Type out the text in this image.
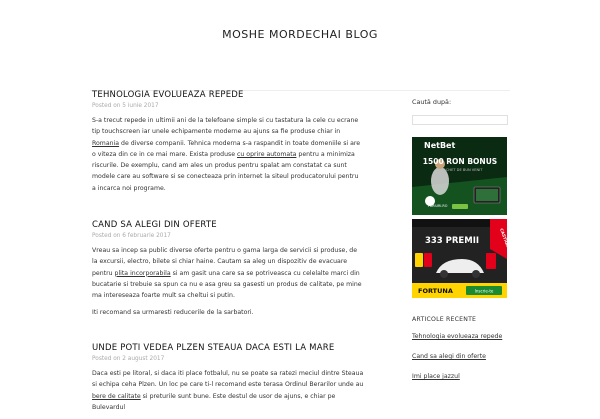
MOSHE MORDECHAI BLOG
TEHNOLOGIA EVOLUEAZA REPEDE
Posted on 5 iunie 2017

S-a trecut repede in ultimii ani de la telefoane simple si cu tastatura la cele cu ecrane tip touchscreen iar unele echipamente moderne au ajuns sa fie produse chiar in Romania de diverse companii. Tehnica moderna s-a raspandit in toate domeniile si are o viteza din ce in ce mai mare. Exista produse cu oprire automata pentru a minimiza riscurile. De exemplu, cand am ales un produs pentru spalat am constatat ca sunt modele care au software si se conecteaza prin internet la siteul producatorului pentru a incarca noi programe.

CAND SA ALEGI DIN OFERTE
Posted on 6 februarie 2017

Vreau sa incep sa public diverse oferte pentru o gama larga de servicii si produse, de la excursii, electro, bilete si chiar haine. Cautam sa aleg un dispozitiv de evacuare pentru plita incorporabila si am gasit una care sa se potriveasca cu celelalte marci din bucatarie si trebuie sa spun ca nu e asa greu sa gasesti un produs de calitate, pe mine ma intereseaza foarte mult sa cheltui si putin.

Iti recomand sa urmaresti reducerile de la sarbatori.

UNDE POTI VEDEA PLZEN STEAUA DACA ESTI LA MARE
Posted on 2 august 2017

Daca esti pe litoral, si daca iti place fotbalul, nu se poate sa ratezi meciul dintre Steaua si echipa ceha Plzen. Un loc pe care ti-l recomand este terasa Ordinul Berarilor unde au bere de calitate si preturile sunt bune. Este destul de usor de ajuns, e chiar pe Bulevardul

Caută după:
NetBet
1500 RON BONUS
PACHET DE BUN VENIT
PARIURI.RO
CASTIGA
333 PREMII
FORTUNA	Inscrie-te
ARTICOLE RECENTE
Tehnologia evolueaza repede
Cand sa alegi din oferte
Imi place jazzul
